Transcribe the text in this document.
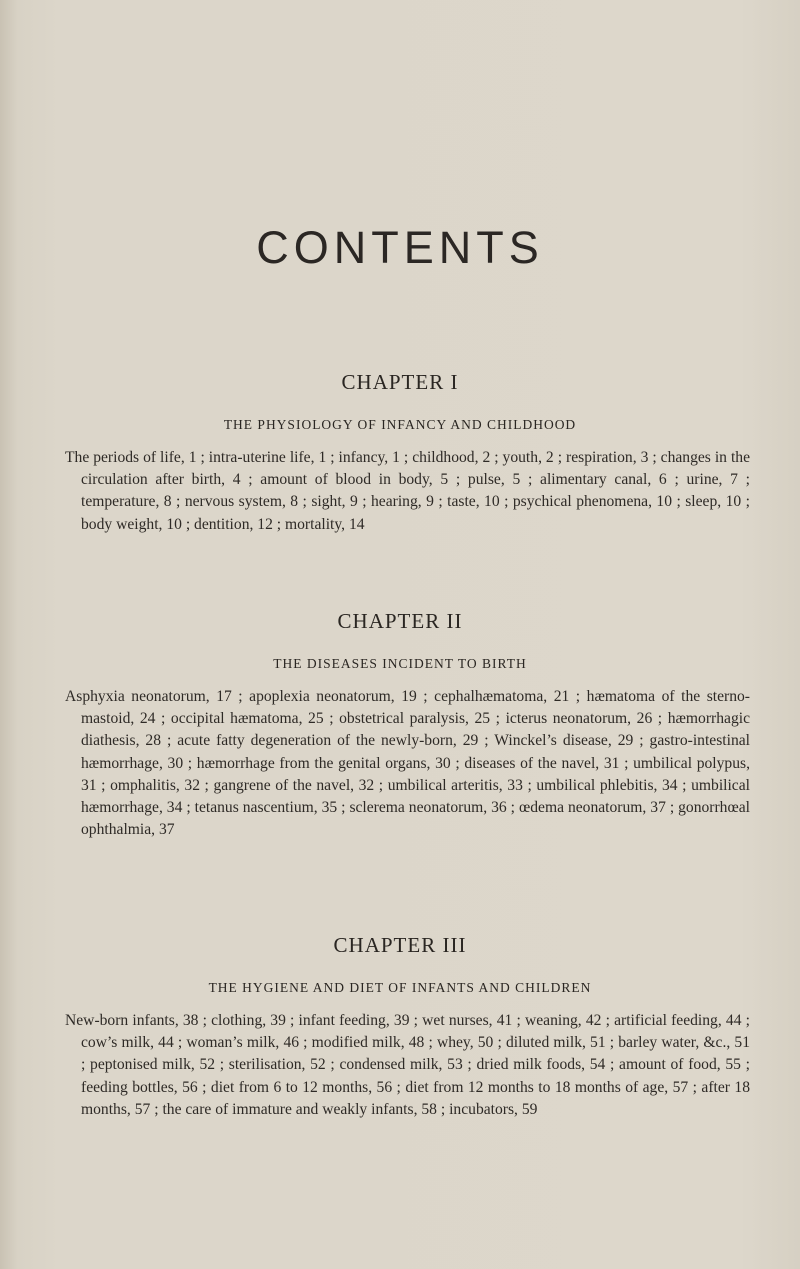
CONTENTS
CHAPTER I
THE PHYSIOLOGY OF INFANCY AND CHILDHOOD

The periods of life, 1 ; intra-uterine life, 1 ; infancy, 1 ; childhood, 2 ; youth, 2 ; respiration, 3 ; changes in the circulation after birth, 4 ; amount of blood in body, 5 ; pulse, 5 ; alimentary canal, 6 ; urine, 7 ; temperature, 8 ; nervous system, 8 ; sight, 9 ; hearing, 9 ; taste, 10 ; psychical phenomena, 10 ; sleep, 10 ; body weight, 10 ; dentition, 12 ; mortality, 14

CHAPTER II
THE DISEASES INCIDENT TO BIRTH

Asphyxia neonatorum, 17 ; apoplexia neonatorum, 19 ; cephalhæmatoma, 21 ; hæmatoma of the sterno-mastoid, 24 ; occipital hæmatoma, 25 ; obstetrical paralysis, 25 ; icterus neonatorum, 26 ; hæmorrhagic diathesis, 28 ; acute fatty degeneration of the newly-born, 29 ; Winckel’s disease, 29 ; gastro-intestinal hæmorrhage, 30 ; hæmorrhage from the genital organs, 30 ; diseases of the navel, 31 ; umbilical polypus, 31 ; omphalitis, 32 ; gangrene of the navel, 32 ; umbilical arteritis, 33 ; umbilical phlebitis, 34 ; umbilical hæmorrhage, 34 ; tetanus nascentium, 35 ; sclerema neonatorum, 36 ; œdema neonatorum, 37 ; gonorrhœal ophthalmia, 37

CHAPTER III
THE HYGIENE AND DIET OF INFANTS AND CHILDREN

New-born infants, 38 ; clothing, 39 ; infant feeding, 39 ; wet nurses, 41 ; weaning, 42 ; artificial feeding, 44 ; cow’s milk, 44 ; woman’s milk, 46 ; modified milk, 48 ; whey, 50 ; diluted milk, 51 ; barley water, &c., 51 ; peptonised milk, 52 ; sterilisation, 52 ; condensed milk, 53 ; dried milk foods, 54 ; amount of food, 55 ; feeding bottles, 56 ; diet from 6 to 12 months, 56 ; diet from 12 months to 18 months of age, 57 ; after 18 months, 57 ; the care of immature and weakly infants, 58 ; incubators, 59
